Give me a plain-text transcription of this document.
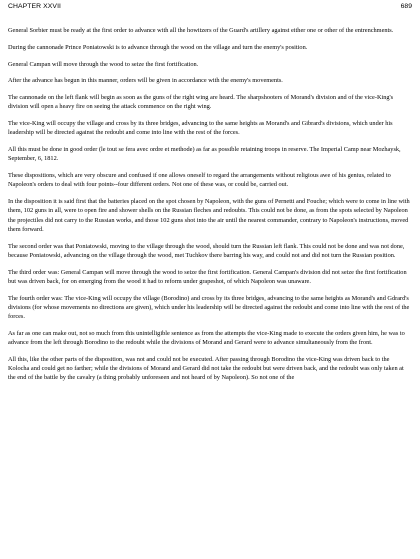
CHAPTER XXVII	689

General Sorbier must be ready at the first order to advance with all the howitzers of the Guard's artillery against either one or other of the entrenchments.

During the cannonade Prince Poniatowski is to advance through the wood on the village and turn the enemy's position.

General Campan will move through the wood to seize the first fortification.

After the advance has begun in this manner, orders will be given in accordance with the enemy's movements.

The cannonade on the left flank will begin as soon as the guns of the right wing are heard. The sharpshooters of Morand's division and of the vice-King's division will open a heavy fire on seeing the attack commence on the right wing.

The vice-King will occupy the village and cross by its three bridges, advancing to the same heights as Morand's and Gibrard's divisions, which under his leadership will be directed against the redoubt and come into line with the rest of the forces.

All this must be done in good order (le tout se fera avec ordre et methode) as far as possible retaining troops in reserve. The Imperial Camp near Mozhaysk, September, 6, 1812.

These dispositions, which are very obscure and confused if one allows oneself to regard the arrangements without religious awe of his genius, related to Napoleon's orders to deal with four points--four different orders. Not one of these was, or could be, carried out.

In the disposition it is said first that the batteries placed on the spot chosen by Napoleon, with the guns of Pernetti and Fouche; which were to come in line with them, 102 guns in all, were to open fire and shower shells on the Russian fleches and redoubts. This could not be done, as from the spots selected by Napoleon the projectiles did not carry to the Russian works, and those 102 guns shot into the air until the nearest commander, contrary to Napoleon's instructions, moved them forward.

The second order was that Poniatowski, moving to the village through the wood, should turn the Russian left flank. This could not be done and was not done, because Poniatowski, advancing on the village through the wood, met Tuchkov there barring his way, and could not and did not turn the Russian position.

The third order was: General Campan will move through the wood to seize the first fortification. General Campan's division did not seize the first fortification but was driven back, for on emerging from the wood it had to reform under grapeshot, of which Napoleon was unaware.

The fourth order was: The vice-King will occupy the village (Borodino) and cross by its three bridges, advancing to the same heights as Morand's and Gdrard's divisions (for whose movements no directions are given), which under his leadership will be directed against the redoubt and come into line with the rest of the forces.

As far as one can make out, not so much from this unintelligible sentence as from the attempts the vice-King made to execute the orders given him, he was to advance from the left through Borodino to the redoubt while the divisions of Morand and Gerard were to advance simultaneously from the front.

All this, like the other parts of the disposition, was not and could not be executed. After passing through Borodino the vice-King was driven back to the Kolocha and could get no farther; while the divisions of Morand and Gerard did not take the redoubt but were driven back, and the redoubt was only taken at the end of the battle by the cavalry (a thing probably unforeseen and not heard of by Napoleon). So not one of the
